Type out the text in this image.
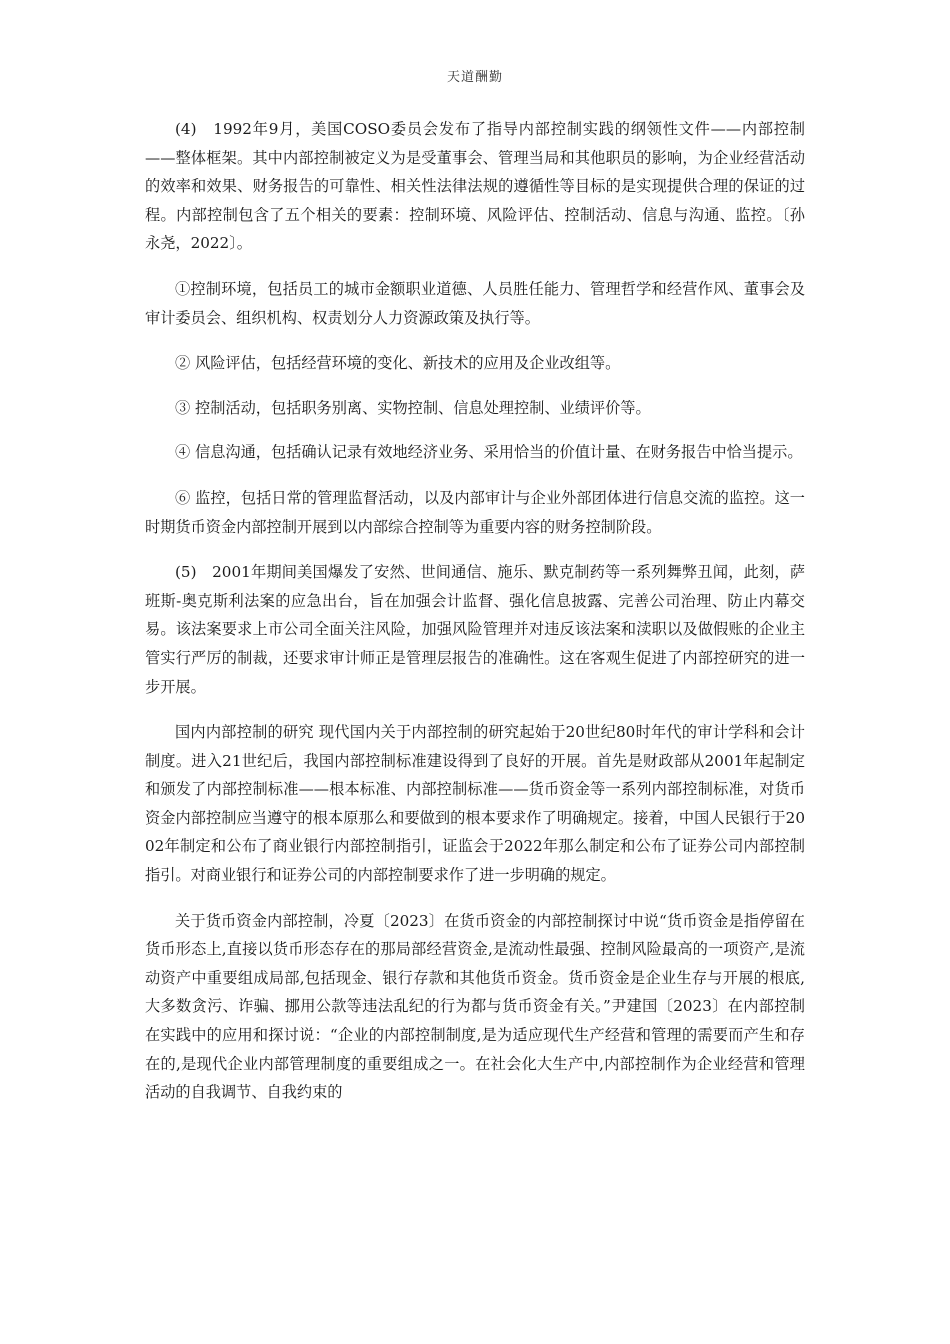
天道酬勤

(4)　1992年9月，美国COSO委员会发布了指导内部控制实践的纲领性文件——内部控制——整体框架。其中内部控制被定义为是受董事会、管理当局和其他职员的影响，为企业经营活动的效率和效果、财务报告的可靠性、相关性法律法规的遵循性等目标的是实现提供合理的保证的过程。内部控制包含了五个相关的要素：控制环境、风险评估、控制活动、信息与沟通、监控。〔孙永尧，2022〕。

①控制环境，包括员工的城市金额职业道德、人员胜任能力、管理哲学和经营作风、董事会及审计委员会、组织机构、权责划分人力资源政策及执行等。

② 风险评估，包括经营环境的变化、新技术的应用及企业改组等。

③ 控制活动，包括职务别离、实物控制、信息处理控制、业绩评价等。

④ 信息沟通，包括确认记录有效地经济业务、采用恰当的价值计量、在财务报告中恰当提示。

⑥ 监控，包括日常的管理监督活动，以及内部审计与企业外部团体进行信息交流的监控。这一时期货币资金内部控制开展到以内部综合控制等为重要内容的财务控制阶段。

(5)　2001年期间美国爆发了安然、世间通信、施乐、默克制药等一系列舞弊丑闻，此刻，萨班斯-奥克斯利法案的应急出台，旨在加强会计监督、强化信息披露、完善公司治理、防止内幕交易。该法案要求上市公司全面关注风险，加强风险管理并对违反该法案和渎职以及做假账的企业主管实行严厉的制裁，还要求审计师正是管理层报告的准确性。这在客观生促进了内部控研究的进一步开展。

国内内部控制的研究 现代国内关于内部控制的研究起始于20世纪80时年代的审计学科和会计制度。进入21世纪后，我国内部控制标准建设得到了良好的开展。首先是财政部从2001年起制定和颁发了内部控制标准——根本标准、内部控制标准——货币资金等一系列内部控制标准，对货币资金内部控制应当遵守的根本原那么和要做到的根本要求作了明确规定。接着，中国人民银行于2002年制定和公布了商业银行内部控制指引，证监会于2022年那么制定和公布了证券公司内部控制指引。对商业银行和证券公司的内部控制要求作了进一步明确的规定。

关于货币资金内部控制，冷夏〔2023〕在货币资金的内部控制探讨中说“货币资金是指停留在货币形态上,直接以货币形态存在的那局部经营资金,是流动性最强、控制风险最高的一项资产,是流动资产中重要组成局部,包括现金、银行存款和其他货币资金。货币资金是企业生存与开展的根底,大多数贪污、诈骗、挪用公款等违法乱纪的行为都与货币资金有关。”尹建国〔2023〕在内部控制在实践中的应用和探讨说：“企业的内部控制制度,是为适应现代生产经营和管理的需要而产生和存在的,是现代企业内部管理制度的重要组成之一。在社会化大生产中,内部控制作为企业经营和管理活动的自我调节、自我约束的
